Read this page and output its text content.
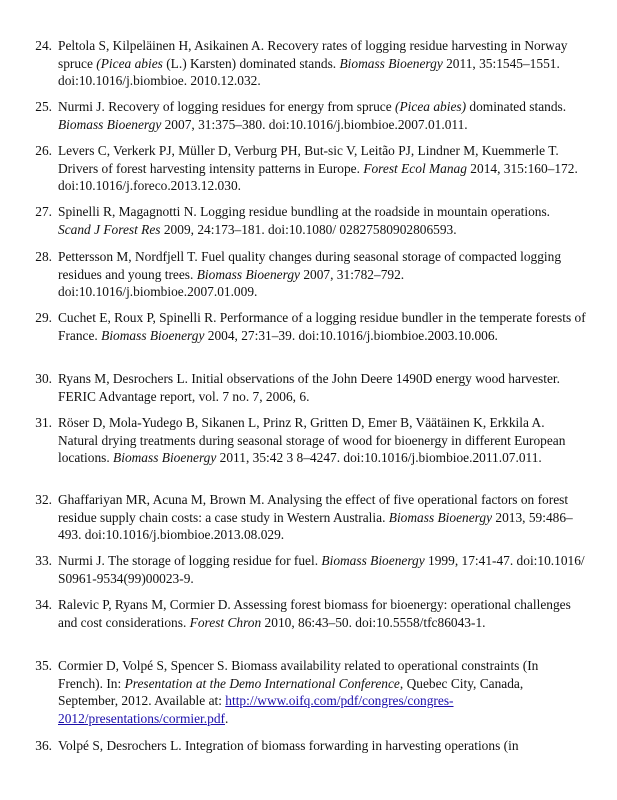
24. Peltola S, Kilpeläinen H, Asikainen A. Recovery rates of logging residue harvesting in Norway spruce (Picea abies (L.) Karsten) dominated stands. Biomass Bioenergy 2011, 35:1545–1551. doi:10.1016/j.biombioe. 2010.12.032.
25. Nurmi J. Recovery of logging residues for energy from spruce (Picea abies) dominated stands. Biomass Bioenergy 2007, 31:375–380. doi:10.1016/j.biombioe.2007.01.011.
26. Levers C, Verkerk PJ, Müller D, Verburg PH, But-sic V, Leitão PJ, Lindner M, Kuemmerle T. Drivers of forest harvesting intensity patterns in Europe. Forest Ecol Manag 2014, 315:160–172. doi:10.1016/j.foreco.2013.12.030.
27. Spinelli R, Magagnotti N. Logging residue bundling at the roadside in mountain operations. Scand J Forest Res 2009, 24:173–181. doi:10.1080/ 02827580902806593.
28. Pettersson M, Nordfjell T. Fuel quality changes during seasonal storage of compacted logging residues and young trees. Biomass Bioenergy 2007, 31:782–792. doi:10.1016/j.biombioe.2007.01.009.
29. Cuchet E, Roux P, Spinelli R. Performance of a logging residue bundler in the temperate forests of France. Biomass Bioenergy 2004, 27:31–39. doi:10.1016/j.biombioe.2003.10.006.
30. Ryans M, Desrochers L. Initial observations of the John Deere 1490D energy wood harvester. FERIC Advantage report, vol. 7 no. 7, 2006, 6.
31. Röser D, Mola-Yudego B, Sikanen L, Prinz R, Gritten D, Emer B, Väätäinen K, Erkkila A. Natural drying treatments during seasonal storage of wood for bioenergy in different European locations. Biomass Bioenergy 2011, 35:42 3 8–4247. doi:10.1016/j.biombioe.2011.07.011.
32. Ghaffariyan MR, Acuna M, Brown M. Analysing the effect of five operational factors on forest residue supply chain costs: a case study in Western Australia. Biomass Bioenergy 2013, 59:486–493. doi:10.1016/j.biombioe.2013.08.029.
33. Nurmi J. The storage of logging residue for fuel. Biomass Bioenergy 1999, 17:41-47. doi:10.1016/ S0961-9534(99)00023-9.
34. Ralevic P, Ryans M, Cormier D. Assessing forest biomass for bioenergy: operational challenges and cost considerations. Forest Chron 2010, 86:43–50. doi:10.5558/tfc86043-1.
35. Cormier D, Volpé S, Spencer S. Biomass availability related to operational constraints (In French). In: Presentation at the Demo International Conference, Quebec City, Canada, September, 2012. Available at: http://www.oifq.com/pdf/congres/congres-2012/presentations/cormier.pdf.
36. Volpé S, Desrochers L. Integration of biomass forwarding in harvesting operations (in
